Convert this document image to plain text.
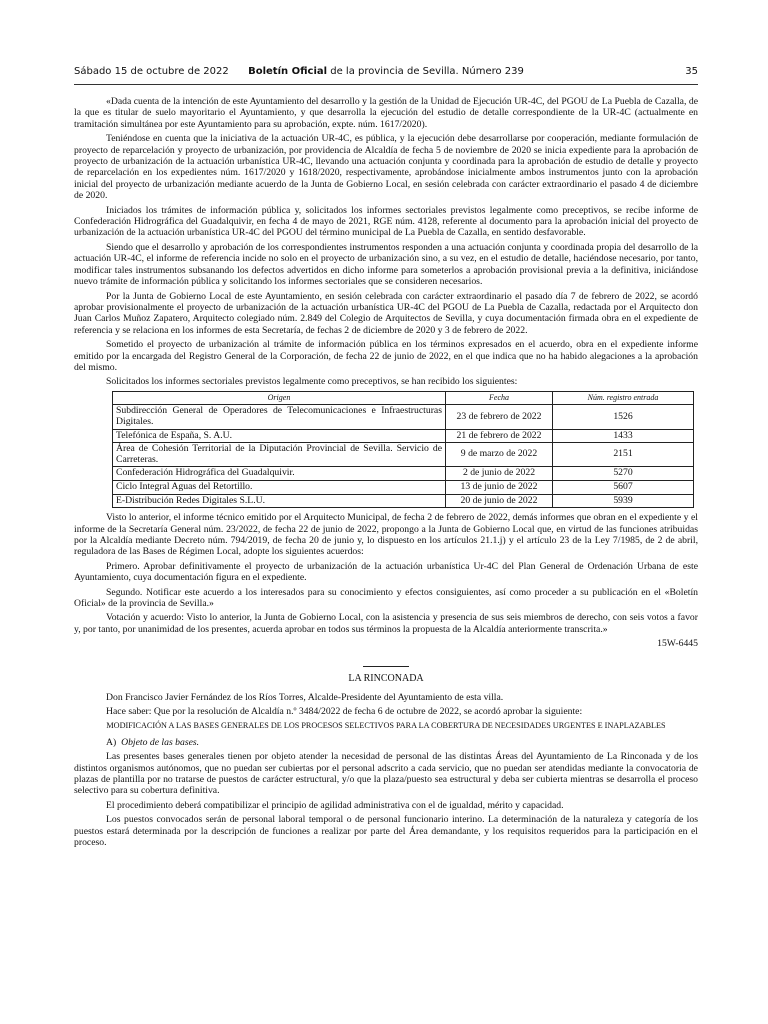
Sábado 15 de octubre de 2022	Boletín Oficial de la provincia de Sevilla. Número 239	35

«Dada cuenta de la intención de este Ayuntamiento del desarrollo y la gestión de la Unidad de Ejecución UR-4C, del PGOU de La Puebla de Cazalla, de la que es titular de suelo mayoritario el Ayuntamiento, y que desarrolla la ejecución del estudio de detalle correspondiente de la UR-4C (actualmente en tramitación simultánea por este Ayuntamiento para su aprobación, expte. núm. 1617/2020).

Teniéndose en cuenta que la iniciativa de la actuación UR-4C, es pública, y la ejecución debe desarrollarse por cooperación, mediante formulación de proyecto de reparcelación y proyecto de urbanización, por providencia de Alcaldía de fecha 5 de noviembre de 2020 se inicia expediente para la aprobación de proyecto de urbanización de la actuación urbanística UR-4C, llevando una actuación conjunta y coordinada para la aprobación de estudio de detalle y proyecto de reparcelación en los expedientes núm. 1617/2020 y 1618/2020, respectivamente, aprobándose inicialmente ambos instrumentos junto con la aprobación inicial del proyecto de urbanización mediante acuerdo de la Junta de Gobierno Local, en sesión celebrada con carácter extraordinario el pasado 4 de diciembre de 2020.

Iniciados los trámites de información pública y, solicitados los informes sectoriales previstos legalmente como preceptivos, se recibe informe de Confederación Hidrográfica del Guadalquivir, en fecha 4 de mayo de 2021, RGE núm. 4128, referente al documento para la aprobación inicial del proyecto de urbanización de la actuación urbanística UR-4C del PGOU del término municipal de La Puebla de Cazalla, en sentido desfavorable.

Siendo que el desarrollo y aprobación de los correspondientes instrumentos responden a una actuación conjunta y coordinada propia del desarrollo de la actuación UR-4C, el informe de referencia incide no solo en el proyecto de urbanización sino, a su vez, en el estudio de detalle, haciéndose necesario, por tanto, modificar tales instrumentos subsanando los defectos advertidos en dicho informe para someterlos a aprobación provisional previa a la definitiva, iniciándose nuevo trámite de información pública y solicitando los informes sectoriales que se consideren necesarios.

Por la Junta de Gobierno Local de este Ayuntamiento, en sesión celebrada con carácter extraordinario el pasado día 7 de febrero de 2022, se acordó aprobar provisionalmente el proyecto de urbanización de la actuación urbanística UR-4C del PGOU de La Puebla de Cazalla, redactada por el Arquitecto don Juan Carlos Muñoz Zapatero, Arquitecto colegiado núm. 2.849 del Colegio de Arquitectos de Sevilla, y cuya documentación firmada obra en el expediente de referencia y se relaciona en los informes de esta Secretaría, de fechas 2 de diciembre de 2020 y 3 de febrero de 2022.

Sometido el proyecto de urbanización al trámite de información pública en los términos expresados en el acuerdo, obra en el expediente informe emitido por la encargada del Registro General de la Corporación, de fecha 22 de junio de 2022, en el que indica que no ha habido alegaciones a la aprobación del mismo.

Solicitados los informes sectoriales previstos legalmente como preceptivos, se han recibido los siguientes:

Origen	Fecha	Núm. registro entrada
Subdirección General de Operadores de Telecomunicaciones e Infraestructuras Digitales.	23 de febrero de 2022	1526
Telefónica de España, S. A.U.	21 de febrero de 2022	1433
Área de Cohesión Territorial de la Diputación Provincial de Sevilla. Servicio de Carreteras.	9 de marzo de 2022	2151
Confederación Hidrográfica del Guadalquivir.	2 de junio de 2022	5270
Ciclo Integral Aguas del Retortillo.	13 de junio de 2022	5607
E-Distribución Redes Digitales S.L.U.	20 de junio de 2022	5939

Visto lo anterior, el informe técnico emitido por el Arquitecto Municipal, de fecha 2 de febrero de 2022, demás informes que obran en el expediente y el informe de la Secretaría General núm. 23/2022, de fecha 22 de junio de 2022, propongo a la Junta de Gobierno Local que, en virtud de las funciones atribuidas por la Alcaldía mediante Decreto núm. 794/2019, de fecha 20 de junio y, lo dispuesto en los artículos 21.1.j) y el artículo 23 de la Ley 7/1985, de 2 de abril, reguladora de las Bases de Régimen Local, adopte los siguientes acuerdos:

Primero. Aprobar definitivamente el proyecto de urbanización de la actuación urbanística Ur-4C del Plan General de Ordenación Urbana de este Ayuntamiento, cuya documentación figura en el expediente.

Segundo. Notificar este acuerdo a los interesados para su conocimiento y efectos consiguientes, así como proceder a su publicación en el «Boletín Oficial» de la provincia de Sevilla.»

Votación y acuerdo: Visto lo anterior, la Junta de Gobierno Local, con la asistencia y presencia de sus seis miembros de derecho, con seis votos a favor y, por tanto, por unanimidad de los presentes, acuerda aprobar en todos sus términos la propuesta de la Alcaldía anteriormente transcrita.»

15W-6445
LA RINCONADA

Don Francisco Javier Fernández de los Ríos Torres, Alcalde-Presidente del Ayuntamiento de esta villa.

Hace saber: Que por la resolución de Alcaldía n.º 3484/2022 de fecha 6 de octubre de 2022, se acordó aprobar la siguiente:

MODIFICACIÓN A LAS BASES GENERALES DE LOS PROCESOS SELECTIVOS PARA LA COBERTURA DE NECESIDADES URGENTES E INAPLAZABLES

A) Objeto de las bases.

Las presentes bases generales tienen por objeto atender la necesidad de personal de las distintas Áreas del Ayuntamiento de La Rinconada y de los distintos organismos autónomos, que no puedan ser cubiertas por el personal adscrito a cada servicio, que no puedan ser atendidas mediante la convocatoria de plazas de plantilla por no tratarse de puestos de carácter estructural, y/o que la plaza/puesto sea estructural y deba ser cubierta mientras se desarrolla el proceso selectivo para su cobertura definitiva.

El procedimiento deberá compatibilizar el principio de agilidad administrativa con el de igualdad, mérito y capacidad.

Los puestos convocados serán de personal laboral temporal o de personal funcionario interino. La determinación de la naturaleza y categoría de los puestos estará determinada por la descripción de funciones a realizar por parte del Área demandante, y los requisitos requeridos para la participación en el proceso.
